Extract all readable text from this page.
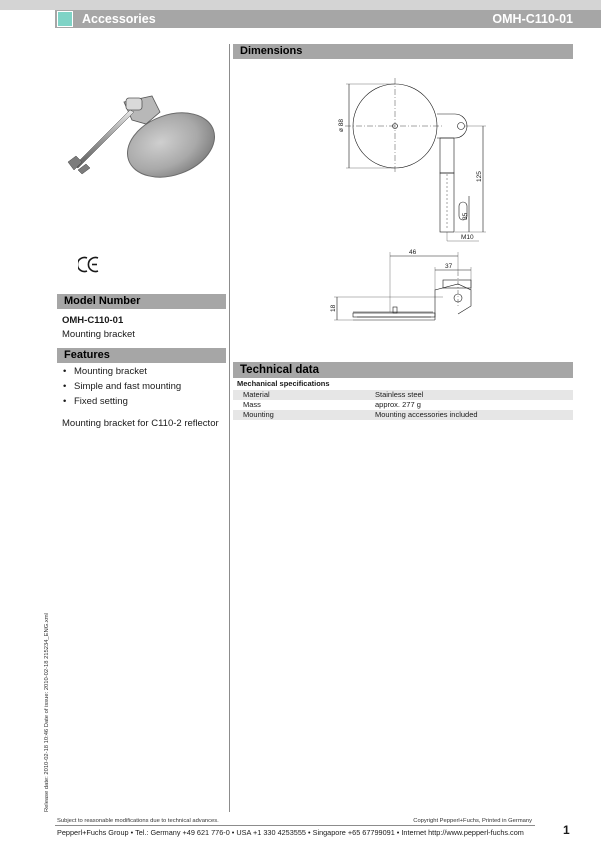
Accessories	OMH-C110-01
Model Number
OMH-C110-01
Mounting bracket
Features
• Mounting bracket
• Simple and fast mounting
• Fixed setting
Mounting bracket for C110-2 reflector
Dimensions
ø 88
125
35
M10
46
37
18
Technical data
Mechanical specifications
Material	Stainless steel
Mass	approx. 277 g
Mounting	Mounting accessories included
Release date: 2010-02-18 10:46 Date of issue: 2010-02-18 215234_ENG.xml
Subject to reasonable modifications due to technical advances.	Copyright Pepperl+Fuchs, Printed in Germany
Pepperl+Fuchs Group • Tel.: Germany +49 621 776-0 • USA +1 330 4253555 • Singapore +65 67799091 • Internet http://www.pepperl-fuchs.com	1
